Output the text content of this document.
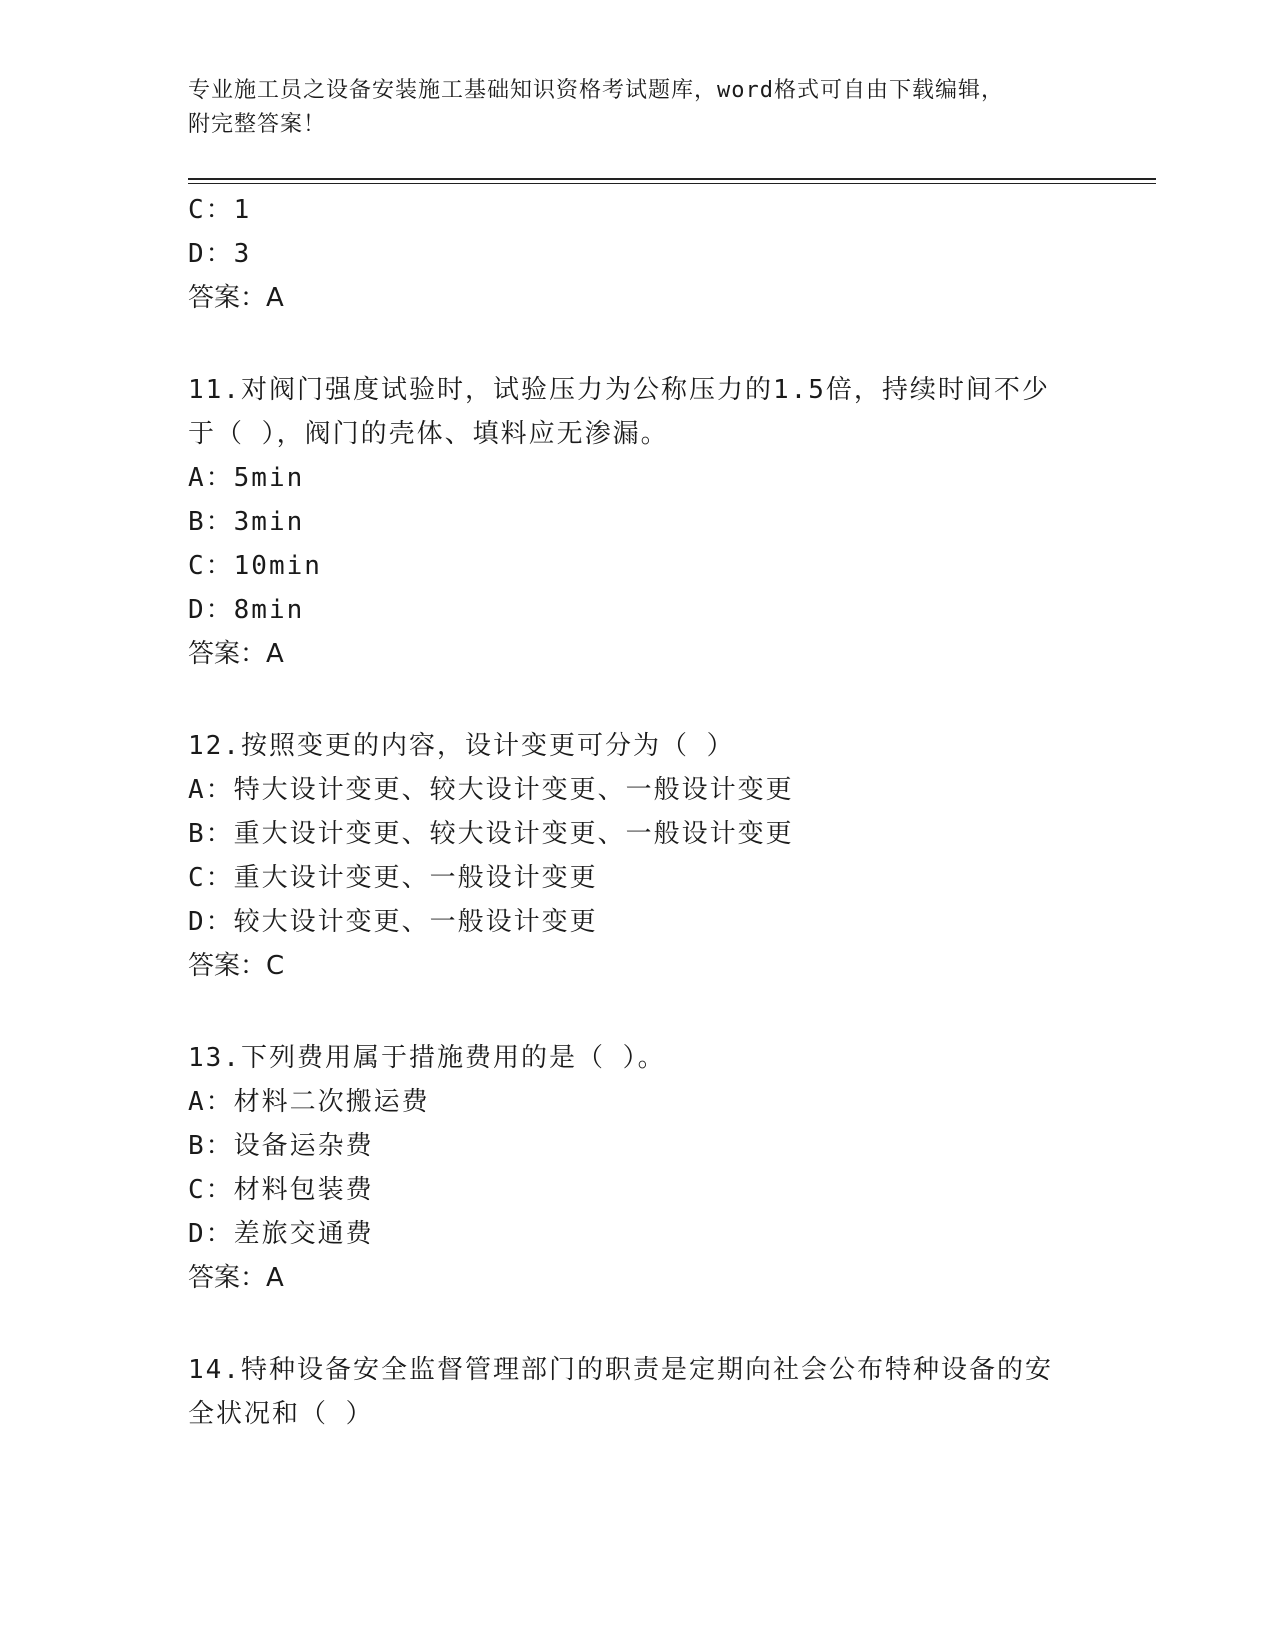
专业施工员之设备安装施工基础知识资格考试题库，word格式可自由下载编辑，
附完整答案！
C：1
D：3
答案：A
11.对阀门强度试验时，试验压力为公称压力的1.5倍，持续时间不少
于（ ），阀门的壳体、填料应无渗漏。
A：5min
B：3min
C：10min
D：8min
答案：A
12.按照变更的内容，设计变更可分为（ ）
A：特大设计变更、较大设计变更、一般设计变更
B：重大设计变更、较大设计变更、一般设计变更
C：重大设计变更、一般设计变更
D：较大设计变更、一般设计变更
答案：C
13.下列费用属于措施费用的是（ ）。
A：材料二次搬运费
B：设备运杂费
C：材料包装费
D：差旅交通费
答案：A
14.特种设备安全监督管理部门的职责是定期向社会公布特种设备的安
全状况和（ ）
